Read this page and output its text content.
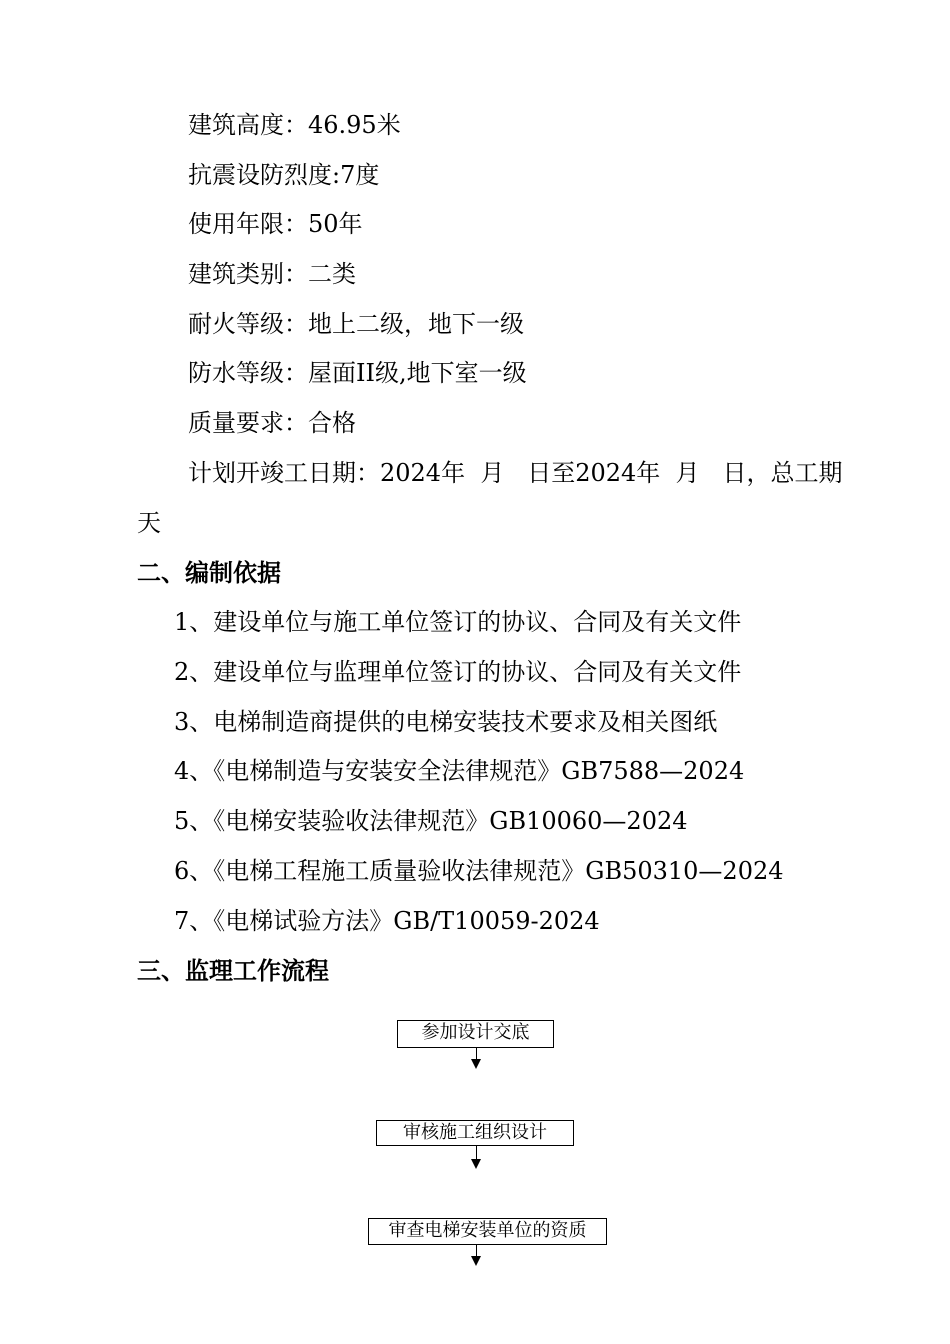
建筑高度：46.95米
抗震设防烈度:7度
使用年限：50年
建筑类别：二类
耐火等级：地上二级，地下一级
防水等级：屋面II级,地下室一级
质量要求：合格
计划开竣工日期：2024年  月   日至2024年  月   日，总工期
天
二、编制依据
1、建设单位与施工单位签订的协议、合同及有关文件
2、建设单位与监理单位签订的协议、合同及有关文件
3、电梯制造商提供的电梯安装技术要求及相关图纸
4、《电梯制造与安装安全法律规范》GB7588—2024
5、《电梯安装验收法律规范》GB10060—2024
6、《电梯工程施工质量验收法律规范》GB50310—2024
7、《电梯试验方法》GB/T10059-2024
三、监理工作流程
参加设计交底
审核施工组织设计
审查电梯安装单位的资质
